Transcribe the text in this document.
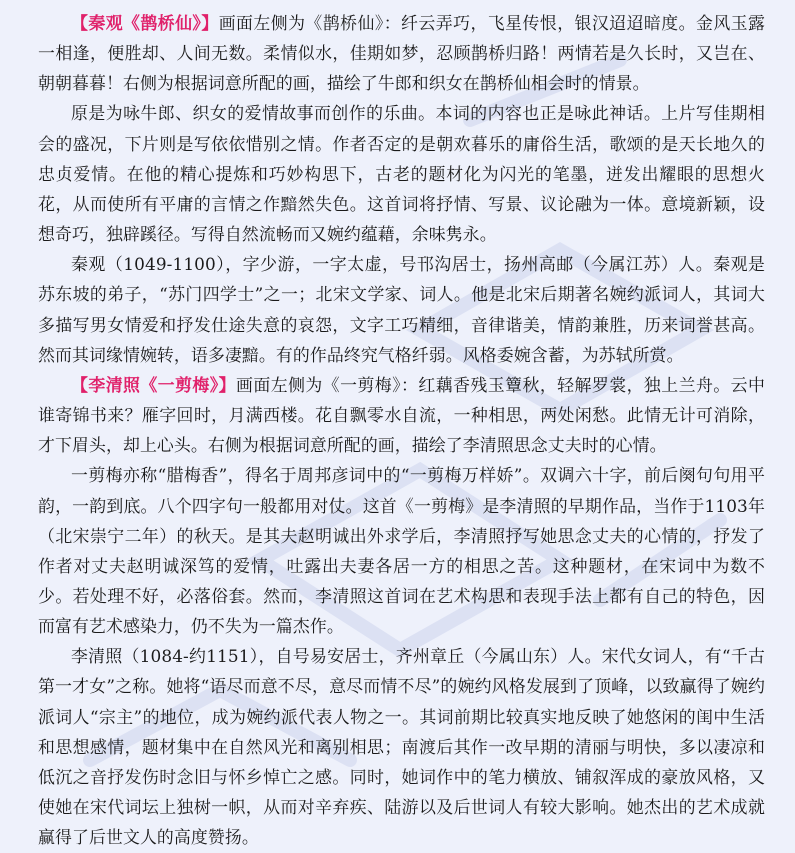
【秦观《鹊桥仙》】画面左侧为《鹊桥仙》：纤云弄巧，飞星传恨，银汉迢迢暗度。金风玉露一相逢，便胜却、人间无数。柔情似水，佳期如梦，忍顾鹊桥归路！两情若是久长时，又岂在、朝朝暮暮！右侧为根据词意所配的画，描绘了牛郎和织女在鹊桥仙相会时的情景。

原是为咏牛郎、织女的爱情故事而创作的乐曲。本词的内容也正是咏此神话。上片写佳期相会的盛况，下片则是写依依惜别之情。作者否定的是朝欢暮乐的庸俗生活，歌颂的是天长地久的忠贞爱情。在他的精心提炼和巧妙构思下，古老的题材化为闪光的笔墨，迸发出耀眼的思想火花，从而使所有平庸的言情之作黯然失色。这首词将抒情、写景、议论融为一体。意境新颖，设想奇巧，独辟蹊径。写得自然流畅而又婉约蕴藉，余味隽永。

秦观（1049-1100），字少游，一字太虚，号邗沟居士，扬州高邮（今属江苏）人。秦观是苏东坡的弟子，“苏门四学士”之一；北宋文学家、词人。他是北宋后期著名婉约派词人，其词大多描写男女情爱和抒发仕途失意的哀怨，文字工巧精细，音律谐美，情韵兼胜，历来词誉甚高。然而其词缘情婉转，语多凄黯。有的作品终究气格纤弱。风格委婉含蓄，为苏轼所赏。

【李清照《一剪梅》】画面左侧为《一剪梅》：红藕香残玉簟秋，轻解罗裳，独上兰舟。云中谁寄锦书来？雁字回时，月满西楼。花自飘零水自流，一种相思，两处闲愁。此情无计可消除，才下眉头，却上心头。右侧为根据词意所配的画，描绘了李清照思念丈夫时的心情。

一剪梅亦称“腊梅香”，得名于周邦彦词中的“一剪梅万样娇”。双调六十字，前后阕句句用平韵，一韵到底。八个四字句一般都用对仗。这首《一剪梅》是李清照的早期作品，当作于1103年（北宋崇宁二年）的秋天。是其夫赵明诚出外求学后，李清照抒写她思念丈夫的心情的，抒发了作者对丈夫赵明诚深笃的爱情，吐露出夫妻各居一方的相思之苦。这种题材，在宋词中为数不少。若处理不好，必落俗套。然而，李清照这首词在艺术构思和表现手法上都有自己的特色，因而富有艺术感染力，仍不失为一篇杰作。

李清照（1084-约1151），自号易安居士，齐州章丘（今属山东）人。宋代女词人，有“千古第一才女”之称。她将“语尽而意不尽，意尽而情不尽”的婉约风格发展到了顶峰，以致赢得了婉约派词人“宗主”的地位，成为婉约派代表人物之一。其词前期比较真实地反映了她悠闲的闺中生活和思想感情，题材集中在自然风光和离别相思；南渡后其作一改早期的清丽与明快，多以凄凉和低沉之音抒发伤时念旧与怀乡悼亡之感。同时，她词作中的笔力横放、铺叙浑成的豪放风格，又使她在宋代词坛上独树一帜，从而对辛弃疾、陆游以及后世词人有较大影响。她杰出的艺术成就赢得了后世文人的高度赞扬。
